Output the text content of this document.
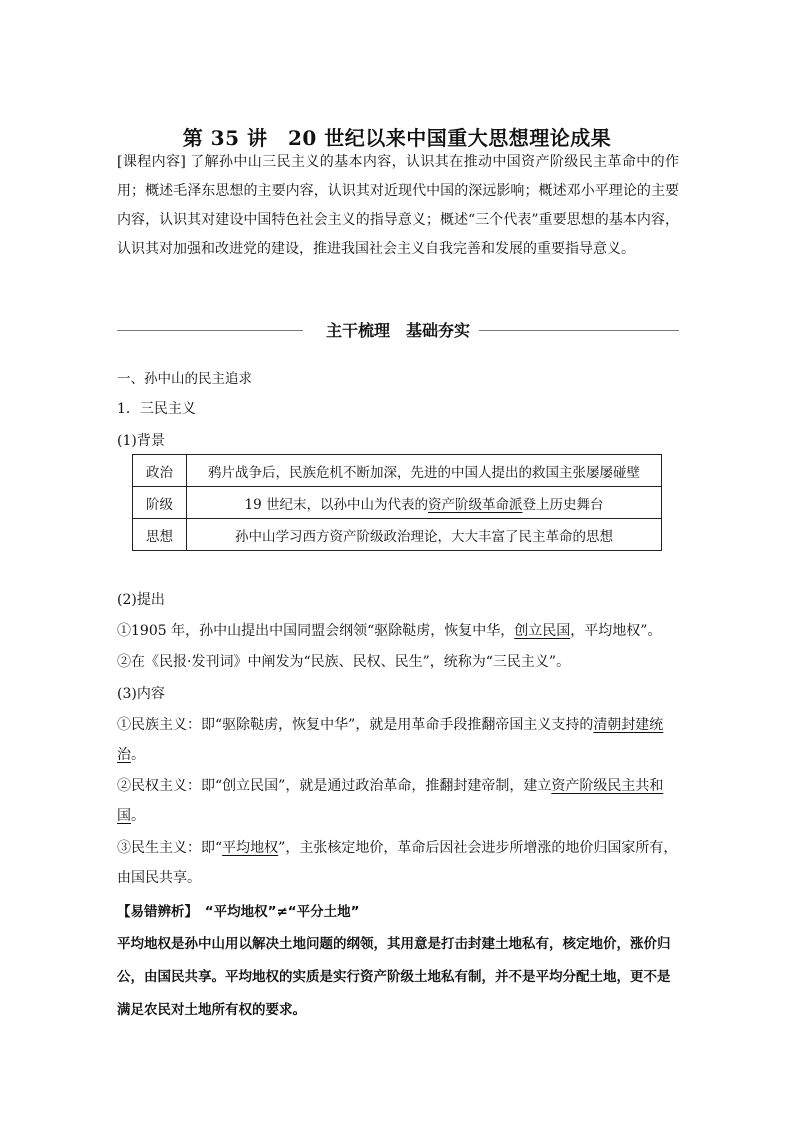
第 35 讲　20 世纪以来中国重大思想理论成果
[课程内容] 了解孙中山三民主义的基本内容，认识其在推动中国资产阶级民主革命中的作用；概述毛泽东思想的主要内容，认识其对近现代中国的深远影响；概述邓小平理论的主要内容，认识其对建设中国特色社会主义的指导意义；概述“三个代表”重要思想的基本内容，认识其对加强和改进党的建设，推进我国社会主义自我完善和发展的重要指导意义。
主干梳理　基础夯实
一、孙中山的民主追求
1．三民主义
(1)背景
政治	鸦片战争后，民族危机不断加深，先进的中国人提出的救国主张屡屡碰壁
阶级	19 世纪末，以孙中山为代表的资产阶级革命派登上历史舞台
思想	孙中山学习西方资产阶级政治理论，大大丰富了民主革命的思想
(2)提出
①1905 年，孙中山提出中国同盟会纲领“驱除鞑虏，恢复中华，创立民国，平均地权”。
②在《民报·发刊词》中阐发为“民族、民权、民生”，统称为“三民主义”。
(3)内容
①民族主义：即“驱除鞑虏，恢复中华”，就是用革命手段推翻帝国主义支持的清朝封建统
治。
②民权主义：即“创立民国”，就是通过政治革命，推翻封建帝制，建立资产阶级民主共和
国。
③民生主义：即“平均地权”，主张核定地价，革命后因社会进步所增涨的地价归国家所有，
由国民共享。
【易错辨析】　“平均地权”≠“平分土地”
平均地权是孙中山用以解决土地问题的纲领，其用意是打击封建土地私有，核定地价，涨价归公，由国民共享。平均地权的实质是实行资产阶级土地私有制，并不是平均分配土地，更不是满足农民对土地所有权的要求。
